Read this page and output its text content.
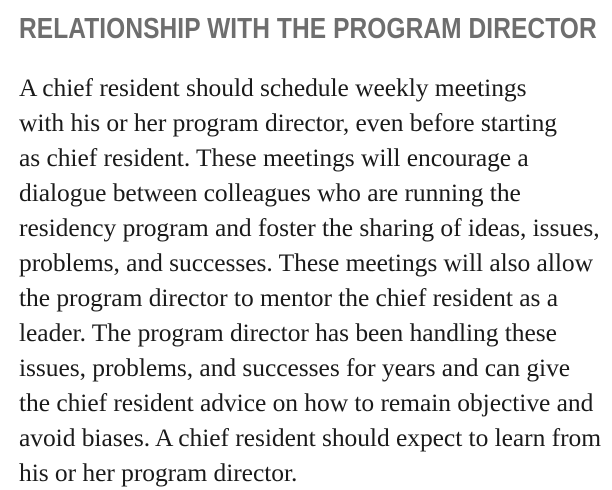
RELATIONSHIP WITH THE PROGRAM DIRECTOR
A chief resident should schedule weekly meetings
with his or her program director, even before starting
as chief resident. These meetings will encourage a
dialogue between colleagues who are running the
residency program and foster the sharing of ideas, issues,
problems, and successes. These meetings will also allow
the program director to mentor the chief resident as a
leader. The program director has been handling these
issues, problems, and successes for years and can give
the chief resident advice on how to remain objective and
avoid biases. A chief resident should expect to learn from
his or her program director.
